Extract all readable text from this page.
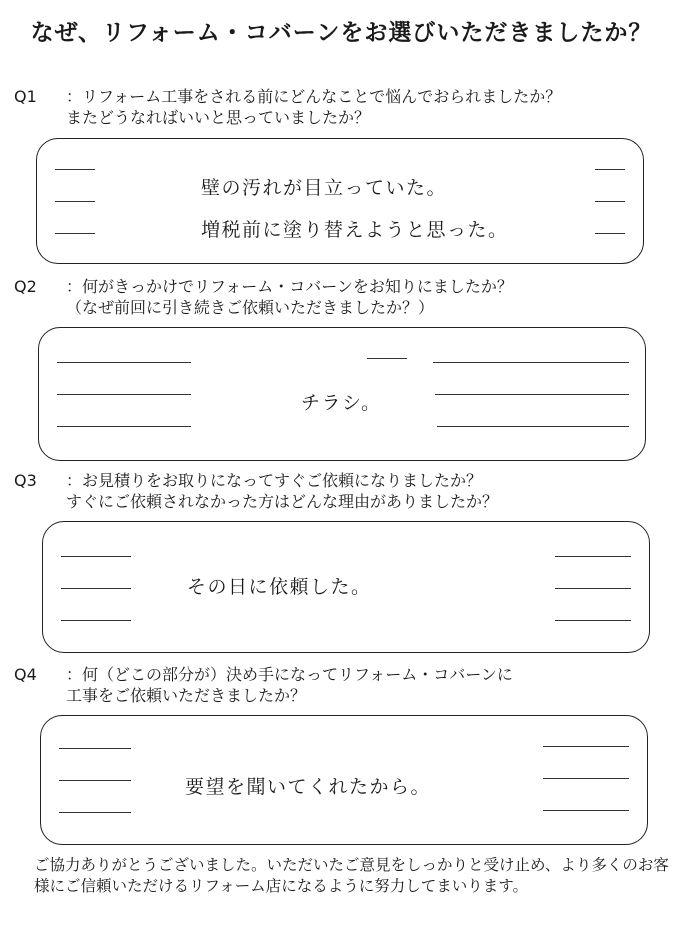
なぜ、リフォーム・コバーンをお選びいただきましたか？
Q1 ：リフォーム工事をされる前にどんなことで悩んでおられましたか？
またどうなればいいと思っていましたか？
壁の汚れが目立っていた。
増税前に塗り替えようと思った。
Q2 ：何がきっかけでリフォーム・コバーンをお知りにましたか？
（なぜ前回に引き続きご依頼いただきましたか？）
チラシ。
Q3 ：お見積りをお取りになってすぐご依頼になりましたか？
すぐにご依頼されなかった方はどんな理由がありましたか？
その日に依頼した。
Q4 ：何（どこの部分が）決め手になってリフォーム・コバーンに
工事をご依頼いただきましたか？
要望を聞いてくれたから。
ご協力ありがとうございました。いただいたご意見をしっかりと受け止め、より多くのお客様にご信頼いただけるリフォーム店になるように努力してまいります。
